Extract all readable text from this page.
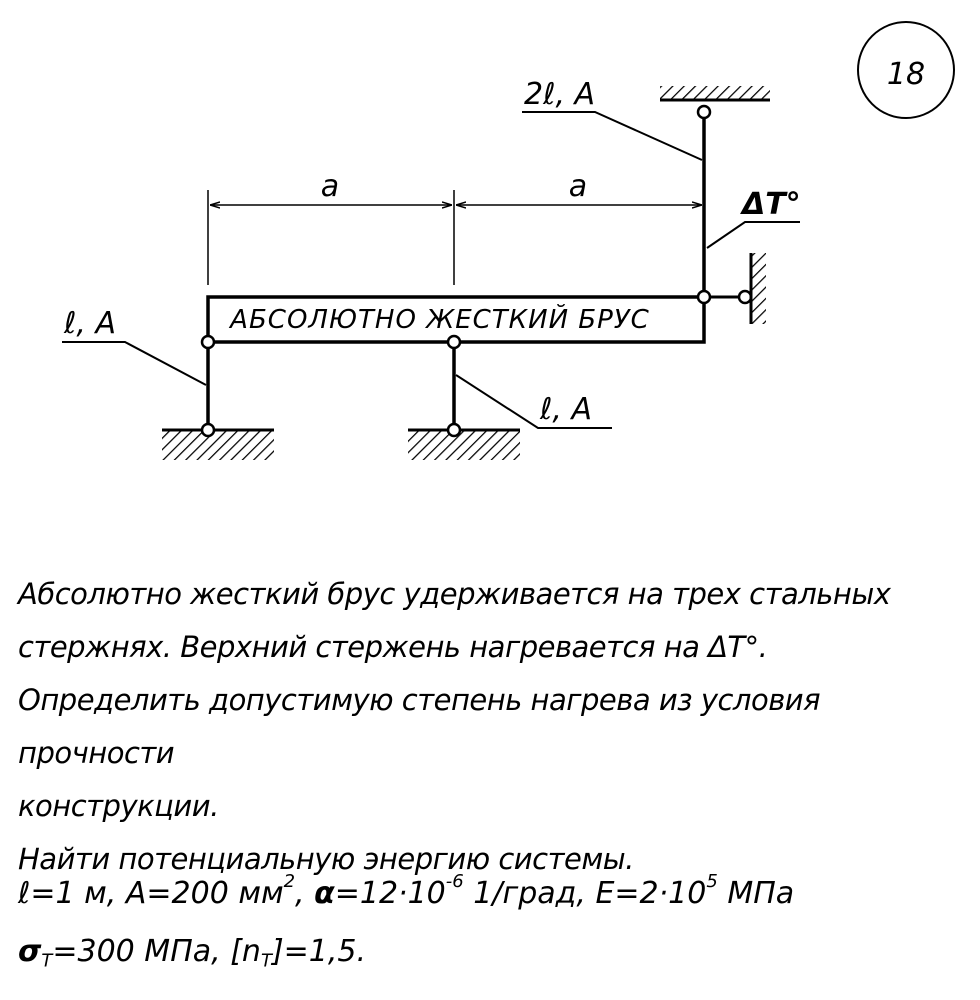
18
2ℓ, A
ΔT°
a	a
АБСОЛЮТНО ЖЕСТКИЙ БРУС
ℓ, A
ℓ, A

Абсолютно жесткий брус удерживается на трех стальных

стержнях. Верхний стержень нагревается на ΔT°.

Определить допустимую степень нагрева из условия прочности

конструкции.

Найти потенциальную энергию системы.

ℓ=1 м, A=200 $мм^2$, $\alpha=12\cdot 10^{-6}$ 1/град, $E=2\cdot 10^5$ МПа

$\sigma_T=300$ МПа, $[n_T]=1,5$.
